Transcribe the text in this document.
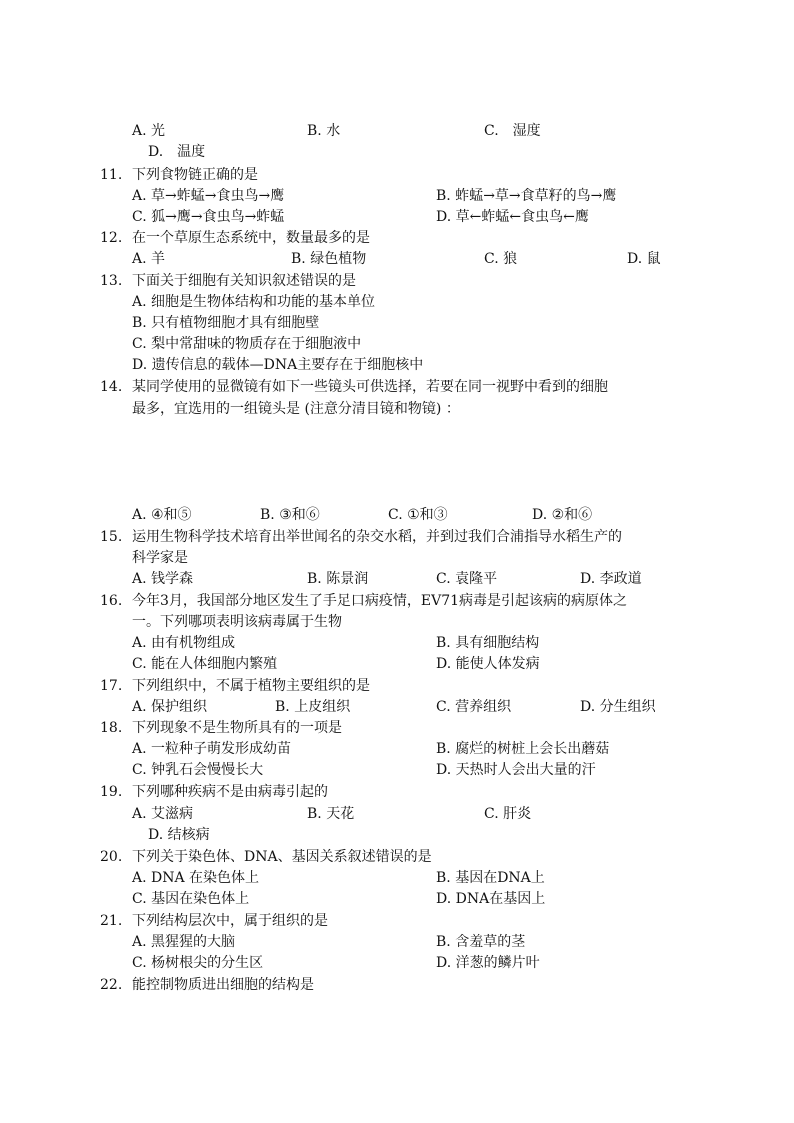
A. 光	B. 水	C.　湿度
D.　温度
11. 下列食物链正确的是
A. 草→蚱蜢→食虫鸟→鹰	B. 蚱蜢→草→食草籽的鸟→鹰
C. 狐→鹰→食虫鸟→蚱蜢	D. 草←蚱蜢←食虫鸟←鹰
12. 在一个草原生态系统中，数量最多的是
A. 羊	B. 绿色植物	C. 狼	D. 鼠
13. 下面关于细胞有关知识叙述错误的是
A. 细胞是生物体结构和功能的基本单位
B. 只有植物细胞才具有细胞壁
C. 梨中常甜味的物质存在于细胞液中
D. 遗传信息的载体—DNA主要存在于细胞核中
14. 某同学使用的显微镜有如下一些镜头可供选择，若要在同一视野中看到的细胞
最多，宜选用的一组镜头是 (注意分清目镜和物镜) ：
A. ④和⑤	B. ③和⑥	C. ①和③	D. ②和⑥
15. 运用生物科学技术培育出举世闻名的杂交水稻，并到过我们合浦指导水稻生产的
科学家是
A. 钱学森	B. 陈景润	C. 袁隆平	D. 李政道
16. 今年3月，我国部分地区发生了手足口病疫情，EV71病毒是引起该病的病原体之
一。下列哪项表明该病毒属于生物
A. 由有机物组成	B. 具有细胞结构
C. 能在人体细胞内繁殖	D. 能使人体发病
17. 下列组织中，不属于植物主要组织的是
A. 保护组织	B. 上皮组织	C. 营养组织	D. 分生组织
18. 下列现象不是生物所具有的一项是
A. 一粒种子萌发形成幼苗	B. 腐烂的树桩上会长出蘑菇
C. 钟乳石会慢慢长大	D. 天热时人会出大量的汗
19. 下列哪种疾病不是由病毒引起的
A. 艾滋病	B. 天花	C. 肝炎
D. 结核病
20. 下列关于染色体、DNA、基因关系叙述错误的是
A. DNA 在染色体上	B. 基因在DNA上
C. 基因在染色体上	D. DNA在基因上
21. 下列结构层次中，属于组织的是
A. 黑猩猩的大脑	B. 含羞草的茎
C. 杨树根尖的分生区	D. 洋葱的鳞片叶
22. 能控制物质进出细胞的结构是
